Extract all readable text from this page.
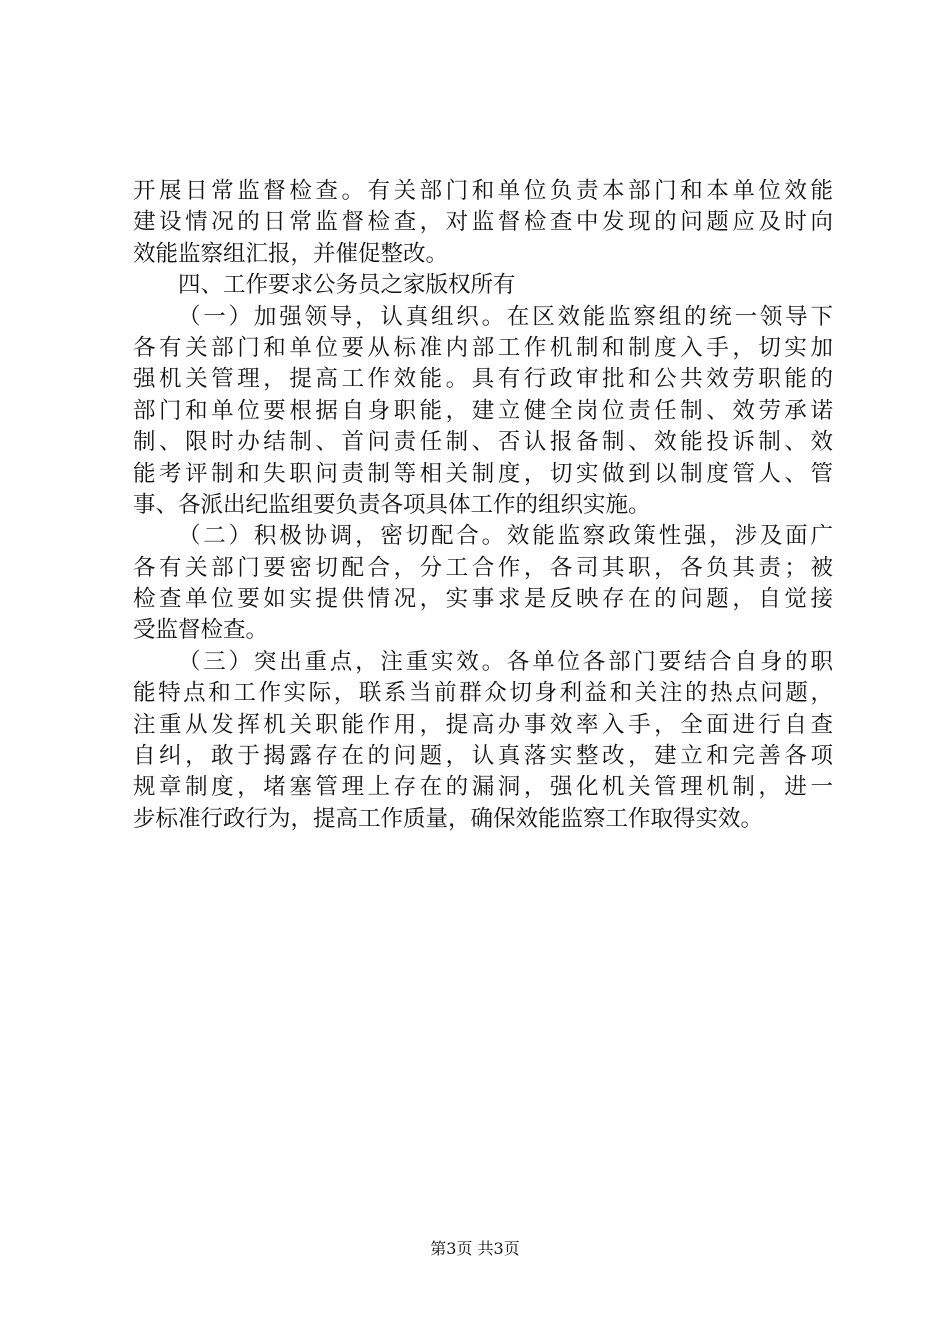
开展日常监督检查。有关部门和单位负责本部门和本单位效能
建设情况的日常监督检查，对监督检查中发现的问题应及时向
效能监察组汇报，并催促整改。
四、工作要求公务员之家版权所有
（一）加强领导，认真组织。在区效能监察组的统一领导下
各有关部门和单位要从标准内部工作机制和制度入手，切实加
强机关管理，提高工作效能。具有行政审批和公共效劳职能的
部门和单位要根据自身职能，建立健全岗位责任制、效劳承诺
制、限时办结制、首问责任制、否认报备制、效能投诉制、效
能考评制和失职问责制等相关制度，切实做到以制度管人、管
事、各派出纪监组要负责各项具体工作的组织实施。
（二）积极协调，密切配合。效能监察政策性强，涉及面广
各有关部门要密切配合，分工合作，各司其职，各负其责；被
检查单位要如实提供情况，实事求是反映存在的问题，自觉接
受监督检查。
（三）突出重点，注重实效。各单位各部门要结合自身的职
能特点和工作实际，联系当前群众切身利益和关注的热点问题，
注重从发挥机关职能作用，提高办事效率入手，全面进行自查
自纠，敢于揭露存在的问题，认真落实整改，建立和完善各项
规章制度，堵塞管理上存在的漏洞，强化机关管理机制，进一
步标准行政行为，提高工作质量，确保效能监察工作取得实效。
第3页 共3页
